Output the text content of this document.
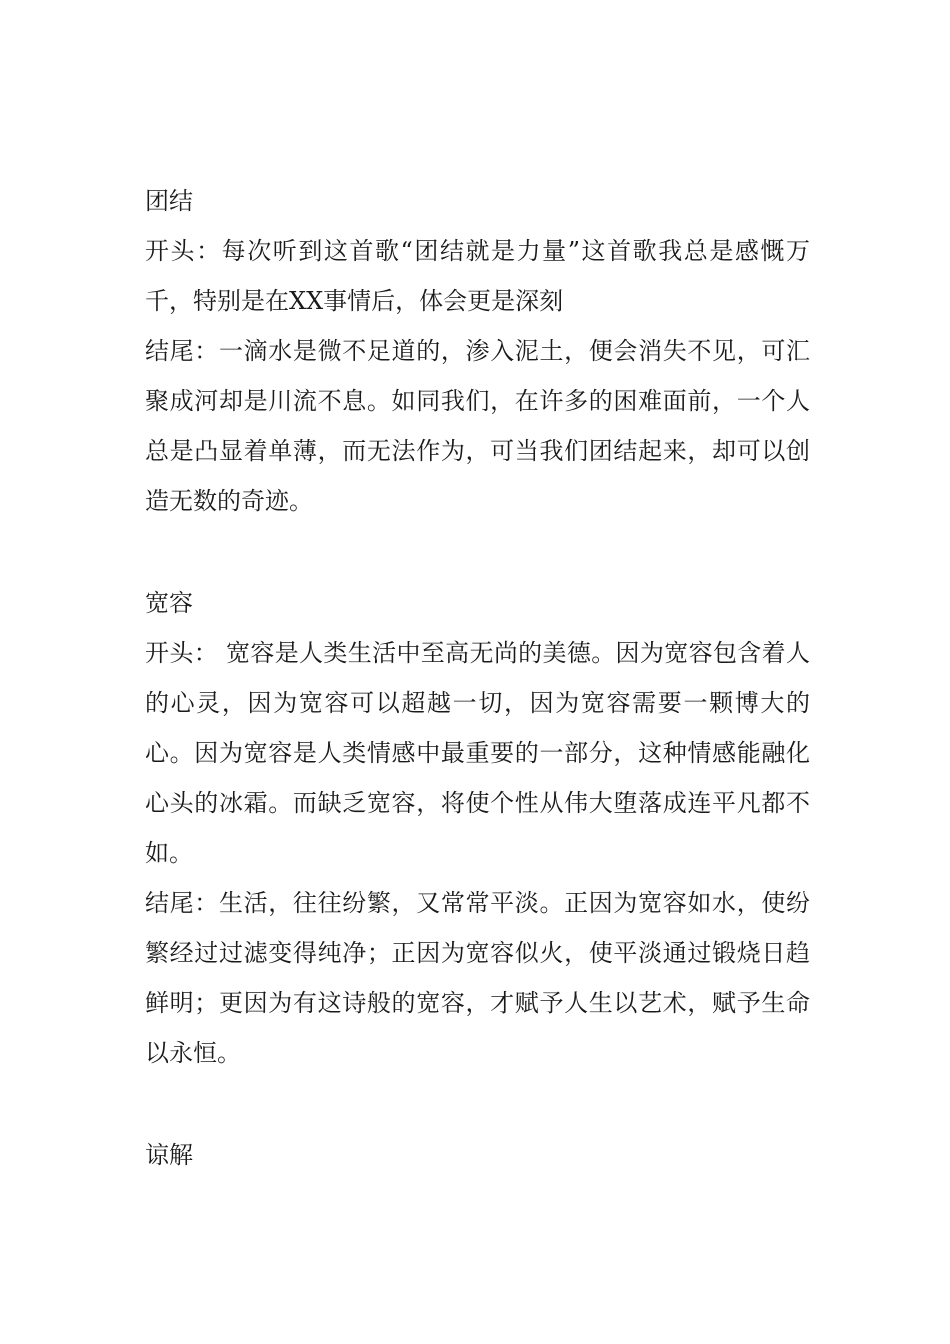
团结

开头：每次听到这首歌“团结就是力量”这首歌我总是感慨万千，特别是在XX事情后，体会更是深刻

结尾：一滴水是微不足道的，渗入泥土，便会消失不见，可汇聚成河却是川流不息。如同我们，在许多的困难面前，一个人总是凸显着单薄，而无法作为，可当我们团结起来，却可以创造无数的奇迹。

宽容

开头： 宽容是人类生活中至高无尚的美德。因为宽容包含着人的心灵，因为宽容可以超越一切，因为宽容需要一颗博大的心。因为宽容是人类情感中最重要的一部分，这种情感能融化心头的冰霜。而缺乏宽容，将使个性从伟大堕落成连平凡都不如。

结尾：生活，往往纷繁，又常常平淡。正因为宽容如水，使纷繁经过过滤变得纯净；正因为宽容似火，使平淡通过锻烧日趋鲜明；更因为有这诗般的宽容，才赋予人生以艺术，赋予生命以永恒。

谅解
